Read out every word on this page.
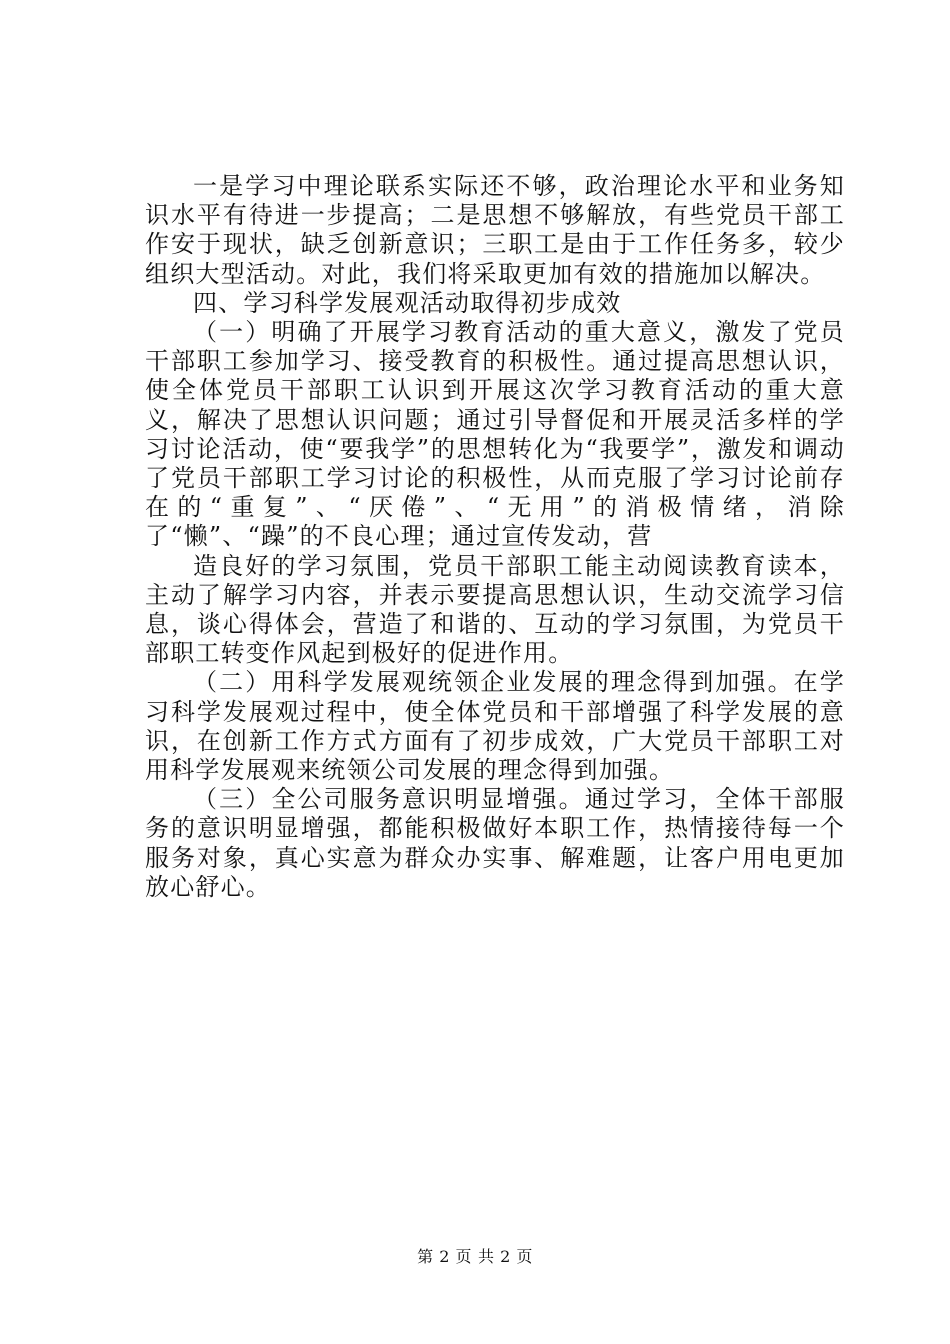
一是学习中理论联系实际还不够，政治理论水平和业务知识水平有待进一步提高；二是思想不够解放，有些党员干部工作安于现状，缺乏创新意识；三职工是由于工作任务多，较少组织大型活动。对此，我们将采取更加有效的措施加以解决。

四、学习科学发展观活动取得初步成效

（一）明确了开展学习教育活动的重大意义，激发了党员干部职工参加学习、接受教育的积极性。通过提高思想认识，使全体党员干部职工认识到开展这次学习教育活动的重大意义，解决了思想认识问题；通过引导督促和开展灵活多样的学习讨论活动，使“要我学”的思想转化为“我要学”，激发和调动了党员干部职工学习讨论的积极性，从而克服了学习讨论前存在的“重复”、“厌倦”、“无用”的消极情绪，消除了“懒”、“躁”的不良心理；通过宣传发动，营

造良好的学习氛围，党员干部职工能主动阅读教育读本，主动了解学习内容，并表示要提高思想认识，生动交流学习信息，谈心得体会，营造了和谐的、互动的学习氛围，为党员干部职工转变作风起到极好的促进作用。

（二）用科学发展观统领企业发展的理念得到加强。在学习科学发展观过程中，使全体党员和干部增强了科学发展的意识，在创新工作方式方面有了初步成效，广大党员干部职工对用科学发展观来统领公司发展的理念得到加强。

（三）全公司服务意识明显增强。通过学习，全体干部服务的意识明显增强，都能积极做好本职工作，热情接待每一个服务对象，真心实意为群众办实事、解难题，让客户用电更加放心舒心。

第 2 页 共 2 页
